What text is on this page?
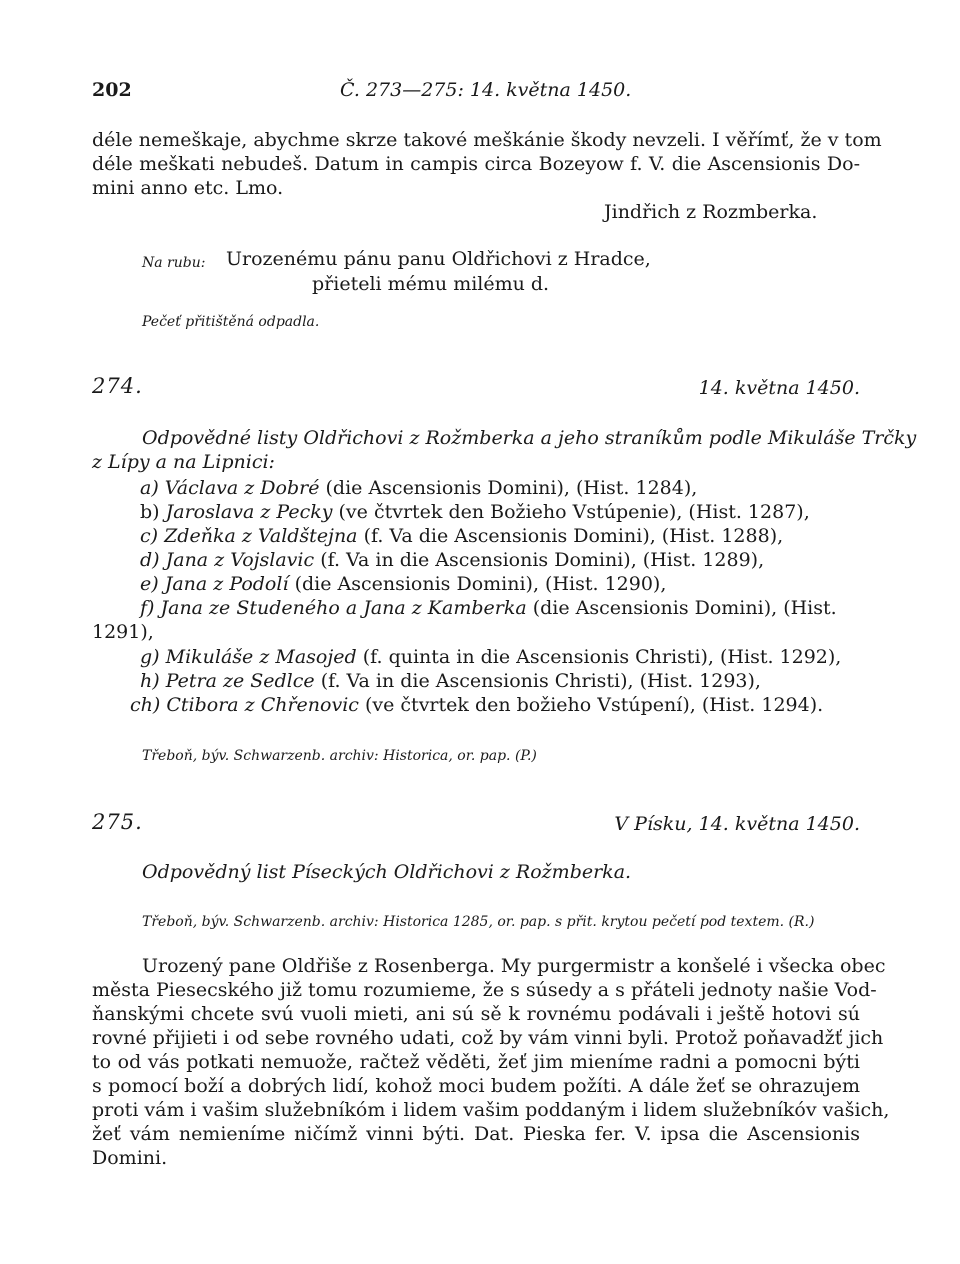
202	Č. 273—275: 14. května 1450.
déle nemeškaje, abychme skrze takové meškánie škody nevzeli. I věřímť, že v tom
déle meškati nebudeš. Datum in campis circa Bozeyow f. V. die Ascensionis Do-
mini anno etc. Lmo.
Jindřich z Rozmberka.
Na rubu: Urozenému pánu panu Oldřichovi z Hradce,
přieteli mému milému d.
Pečeť přitištěná odpadla.
274.	14. května 1450.
Odpovědné listy Oldřichovi z Rožmberka a jeho straníkům podle Mikuláše Trčky
z Lípy a na Lipnici:
a) Václava z Dobré (die Ascensionis Domini), (Hist. 1284),
b) Jaroslava z Pecky (ve čtvrtek den Božieho Vstúpenie), (Hist. 1287),
c) Zdeňka z Valdštejna (f. Va die Ascensionis Domini), (Hist. 1288),
d) Jana z Vojslavic (f. Va in die Ascensionis Domini), (Hist. 1289),
e) Jana z Podolí (die Ascensionis Domini), (Hist. 1290),
f) Jana ze Studeného a Jana z Kamberka (die Ascensionis Domini), (Hist.
1291),
g) Mikuláše z Masojed (f. quinta in die Ascensionis Christi), (Hist. 1292),
h) Petra ze Sedlce (f. Va in die Ascensionis Christi), (Hist. 1293),
ch) Ctibora z Chřenovic (ve čtvrtek den božieho Vstúpení), (Hist. 1294).
Třeboň, býv. Schwarzenb. archiv: Historica, or. pap. (P.)
275.	V Písku, 14. května 1450.
Odpovědný list Píseckých Oldřichovi z Rožmberka.
Třeboň, býv. Schwarzenb. archiv: Historica 1285, or. pap. s přit. krytou pečetí pod textem. (R.)
Urozený pane Oldřiše z Rosenberga. My purgermistr a konšelé i všecka obec
města Piesecského již tomu rozumieme, že s súsedy a s přáteli jednoty našie Vod-
ňanskými chcete svú vuoli mieti, ani sú sě k rovnému podávali i ještě hotovi sú
rovné přijieti i od sebe rovného udati, což by vám vinni byli. Protož poňavadžť jich
to od vás potkati nemuože, račtež věděti, žeť jim mieníme radni a pomocni býti
s pomocí boží a dobrých lidí, kohož moci budem požíti. A dále žeť se ohrazujem
proti vám i vašim služebníkóm i lidem vašim poddaným i lidem služebníkóv vašich,
žeť vám nemieníme ničímž vinni býti. Dat. Pieska fer. V. ipsa die Ascensionis
Domini.
